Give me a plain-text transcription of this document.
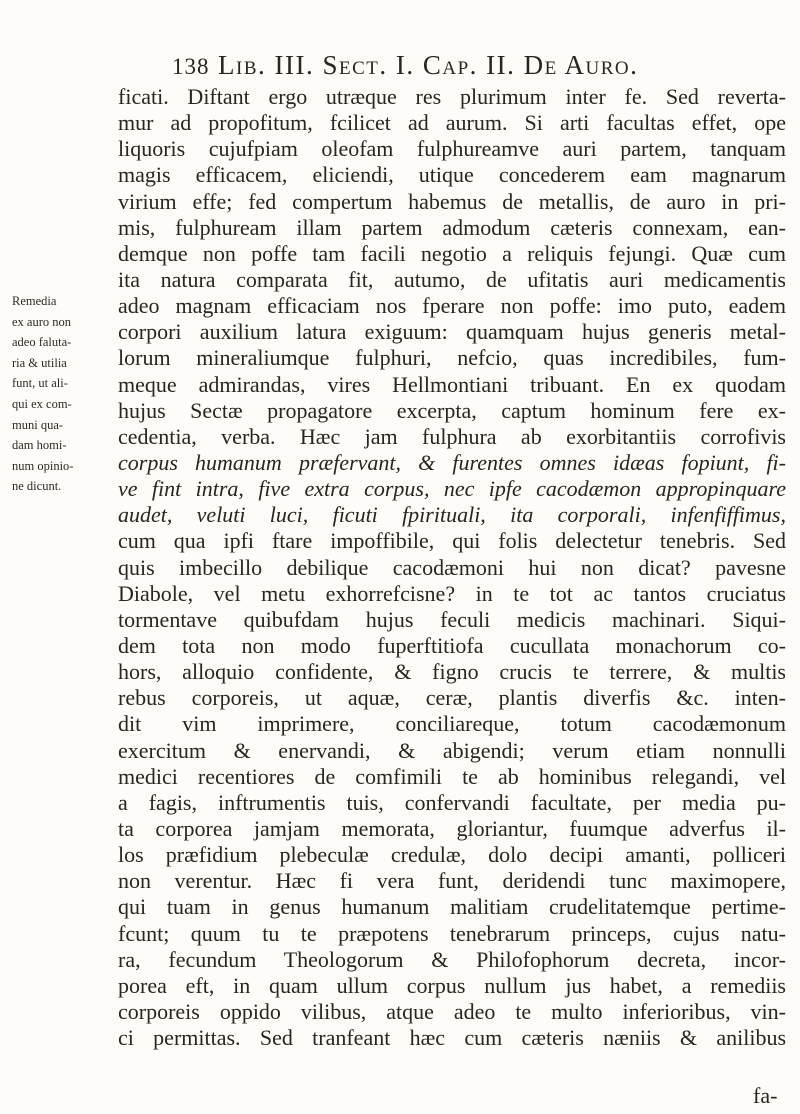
138 Lib. III. Sect. I. Cap. II. De Auro.
Remedia
ex auro non
adeo faluta-
ria & utilia
funt, ut ali-
qui ex com-
muni qua-
dam homi-
num opinio-
ne dicunt.
ficati. Diftant ergo utræque res plurimum inter fe. Sed reverta-
mur ad propofitum, fcilicet ad aurum. Si arti facultas effet, ope
liquoris cujufpiam oleofam fulphureamve auri partem, tanquam
magis efficacem, eliciendi, utique concederem eam magnarum
virium effe; fed compertum habemus de metallis, de auro in pri-
mis, fulphuream illam partem admodum cæteris connexam, ean-
demque non poffe tam facili negotio a reliquis fejungi. Quæ cum
ita natura comparata fit, autumo, de ufitatis auri medicamentis
adeo magnam efficaciam nos fperare non poffe: imo puto, eadem
corpori auxilium latura exiguum: quamquam hujus generis metal-
lorum mineraliumque fulphuri, nefcio, quas incredibiles, fum-
meque admirandas, vires Hellmontiani tribuant. En ex quodam
hujus Sectæ propagatore excerpta, captum hominum fere ex-
cedentia, verba. Hæc jam fulphura ab exorbitantiis corrofivis
corpus humanum præfervant, & furentes omnes idæas fopiunt, fi-
ve fint intra, five extra corpus, nec ipfe cacodæmon appropinquare
audet, veluti luci, ficuti fpirituali, ita corporali, infenfiffimus,
cum qua ipfi ftare impoffibile, qui folis delectetur tenebris. Sed
quis imbecillo debilique cacodæmoni hui non dicat? pavesne
Diabole, vel metu exhorrefcisne? in te tot ac tantos cruciatus
tormentave quibufdam hujus feculi medicis machinari. Siqui-
dem tota non modo fuperftitiofa cucullata monachorum co-
hors, alloquio confidente, & figno crucis te terrere, & multis
rebus corporeis, ut aquæ, ceræ, plantis diverfis &c. inten-
dit vim imprimere, conciliareque, totum cacodæmonum
exercitum & enervandi, & abigendi; verum etiam nonnulli
medici recentiores de comfimili te ab hominibus relegandi, vel
a fagis, inftrumentis tuis, confervandi facultate, per media pu-
ta corporea jamjam memorata, gloriantur, fuumque adverfus il-
los præfidium plebeculæ credulæ, dolo decipi amanti, polliceri
non verentur. Hæc fi vera funt, deridendi tunc maximopere,
qui tuam in genus humanum malitiam crudelitatemque pertime-
fcunt; quum tu te præpotens tenebrarum princeps, cujus natu-
ra, fecundum Theologorum & Philofophorum decreta, incor-
porea eft, in quam ullum corpus nullum jus habet, a remediis
corporeis oppido vilibus, atque adeo te multo inferioribus, vin-
ci permittas. Sed tranfeant hæc cum cæteris næniis & anilibus
fa-
